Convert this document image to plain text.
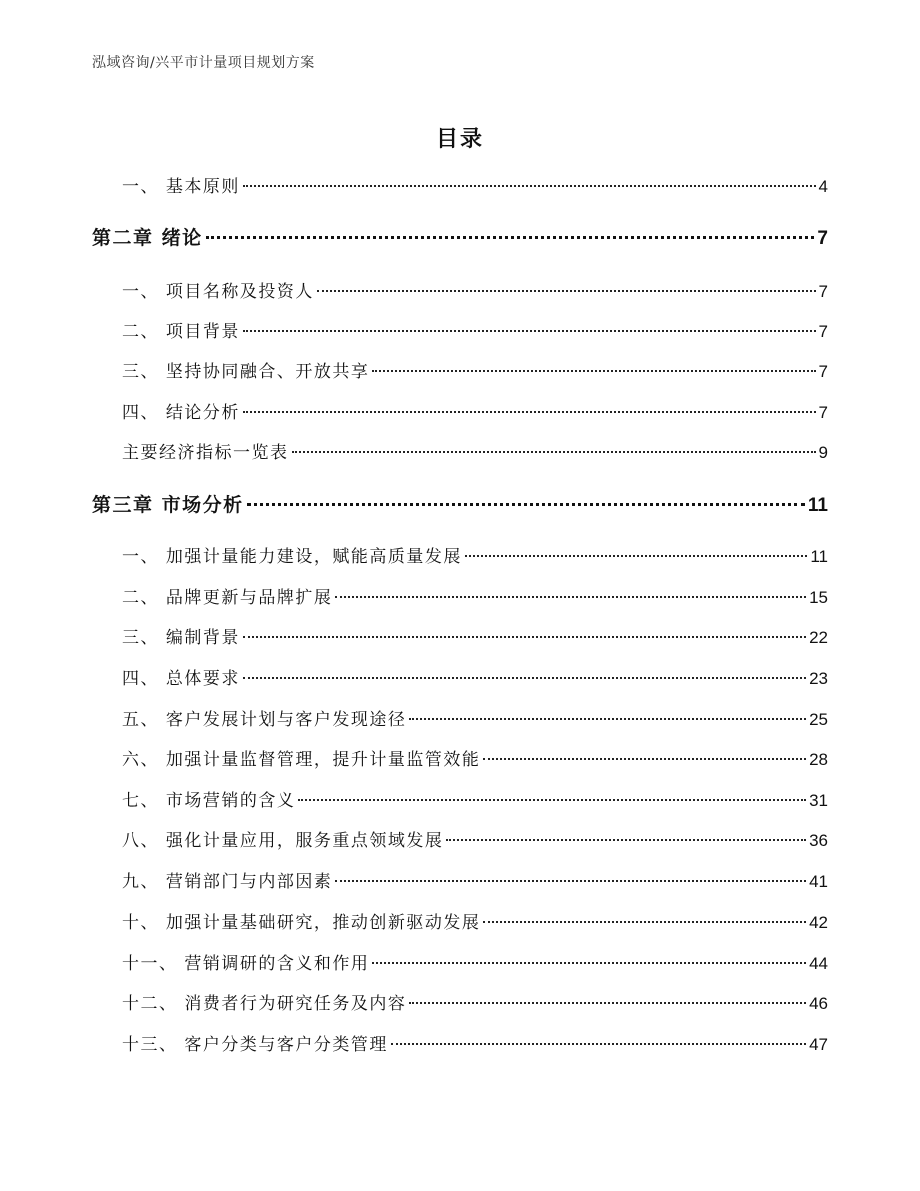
泓域咨询/兴平市计量项目规划方案
目录
一、 基本原则	4
第二章 绪论	7
一、 项目名称及投资人	7
二、 项目背景	7
三、 坚持协同融合、开放共享	7
四、 结论分析	7
主要经济指标一览表	9
第三章 市场分析	11
一、 加强计量能力建设，赋能高质量发展	11
二、 品牌更新与品牌扩展	15
三、 编制背景	22
四、 总体要求	23
五、 客户发展计划与客户发现途径	25
六、 加强计量监督管理，提升计量监管效能	28
七、 市场营销的含义	31
八、 强化计量应用，服务重点领域发展	36
九、 营销部门与内部因素	41
十、 加强计量基础研究，推动创新驱动发展	42
十一、 营销调研的含义和作用	44
十二、 消费者行为研究任务及内容	46
十三、 客户分类与客户分类管理	47
